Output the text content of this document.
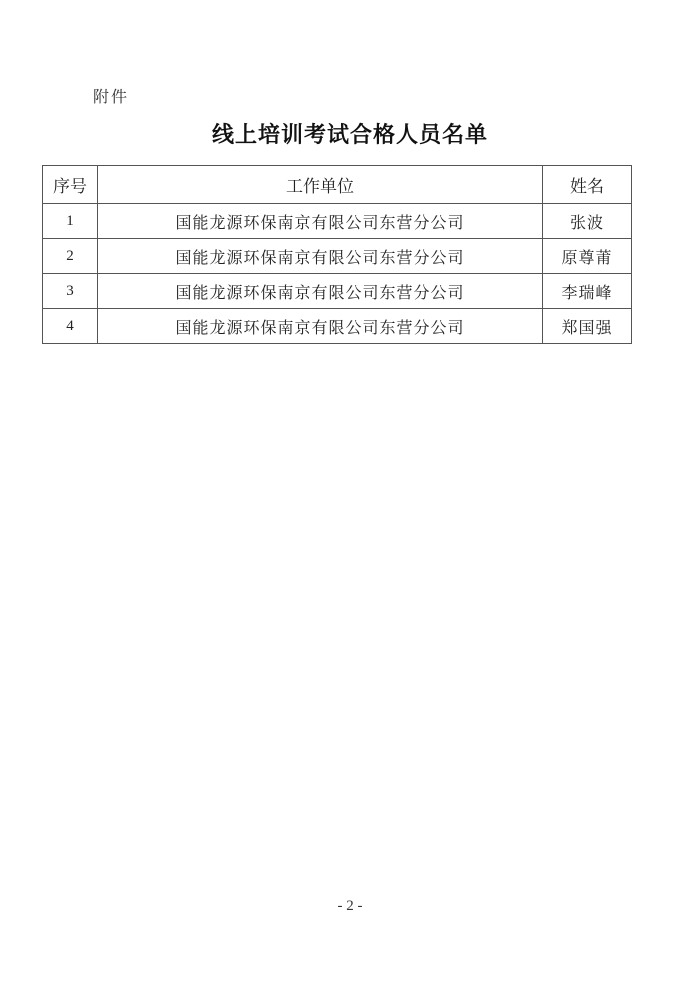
附件
线上培训考试合格人员名单
序号	工作单位	姓名
1	国能龙源环保南京有限公司东营分公司	张波
2	国能龙源环保南京有限公司东营分公司	原尊莆
3	国能龙源环保南京有限公司东营分公司	李瑞峰
4	国能龙源环保南京有限公司东营分公司	郑国强
- 2 -
